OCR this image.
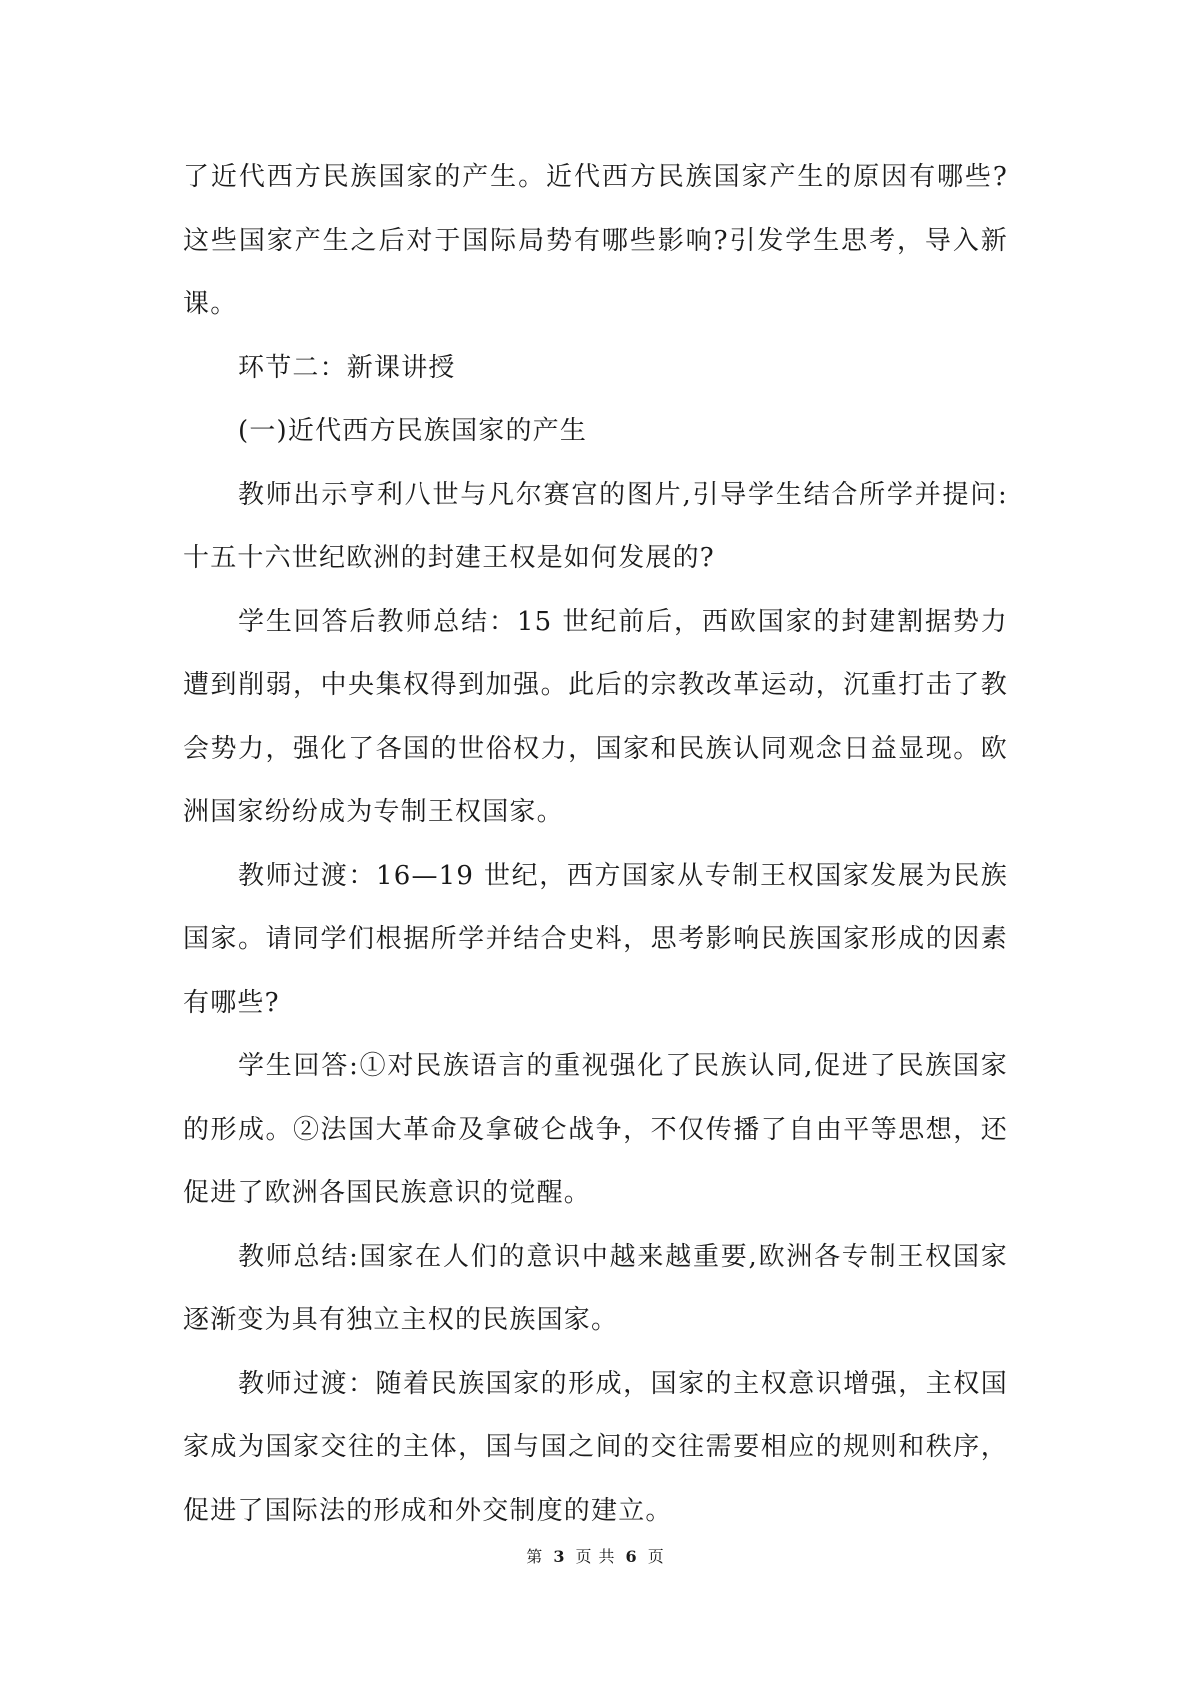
了近代西方民族国家的产生。近代西方民族国家产生的原因有哪些?这些国家产生之后对于国际局势有哪些影响?引发学生思考，导入新课。

环节二：新课讲授

(一)近代西方民族国家的产生

教师出示亨利八世与凡尔赛宫的图片,引导学生结合所学并提问:十五十六世纪欧洲的封建王权是如何发展的?

学生回答后教师总结：15 世纪前后，西欧国家的封建割据势力遭到削弱，中央集权得到加强。此后的宗教改革运动，沉重打击了教会势力，强化了各国的世俗权力，国家和民族认同观念日益显现。欧洲国家纷纷成为专制王权国家。

教师过渡：16—19 世纪，西方国家从专制王权国家发展为民族国家。请同学们根据所学并结合史料，思考影响民族国家形成的因素有哪些?

学生回答:①对民族语言的重视强化了民族认同,促进了民族国家的形成。②法国大革命及拿破仑战争，不仅传播了自由平等思想，还促进了欧洲各国民族意识的觉醒。

教师总结:国家在人们的意识中越来越重要,欧洲各专制王权国家逐渐变为具有独立主权的民族国家。

教师过渡：随着民族国家的形成，国家的主权意识增强，主权国家成为国家交往的主体，国与国之间的交往需要相应的规则和秩序，促进了国际法的形成和外交制度的建立。

第 3 页 共 6 页
